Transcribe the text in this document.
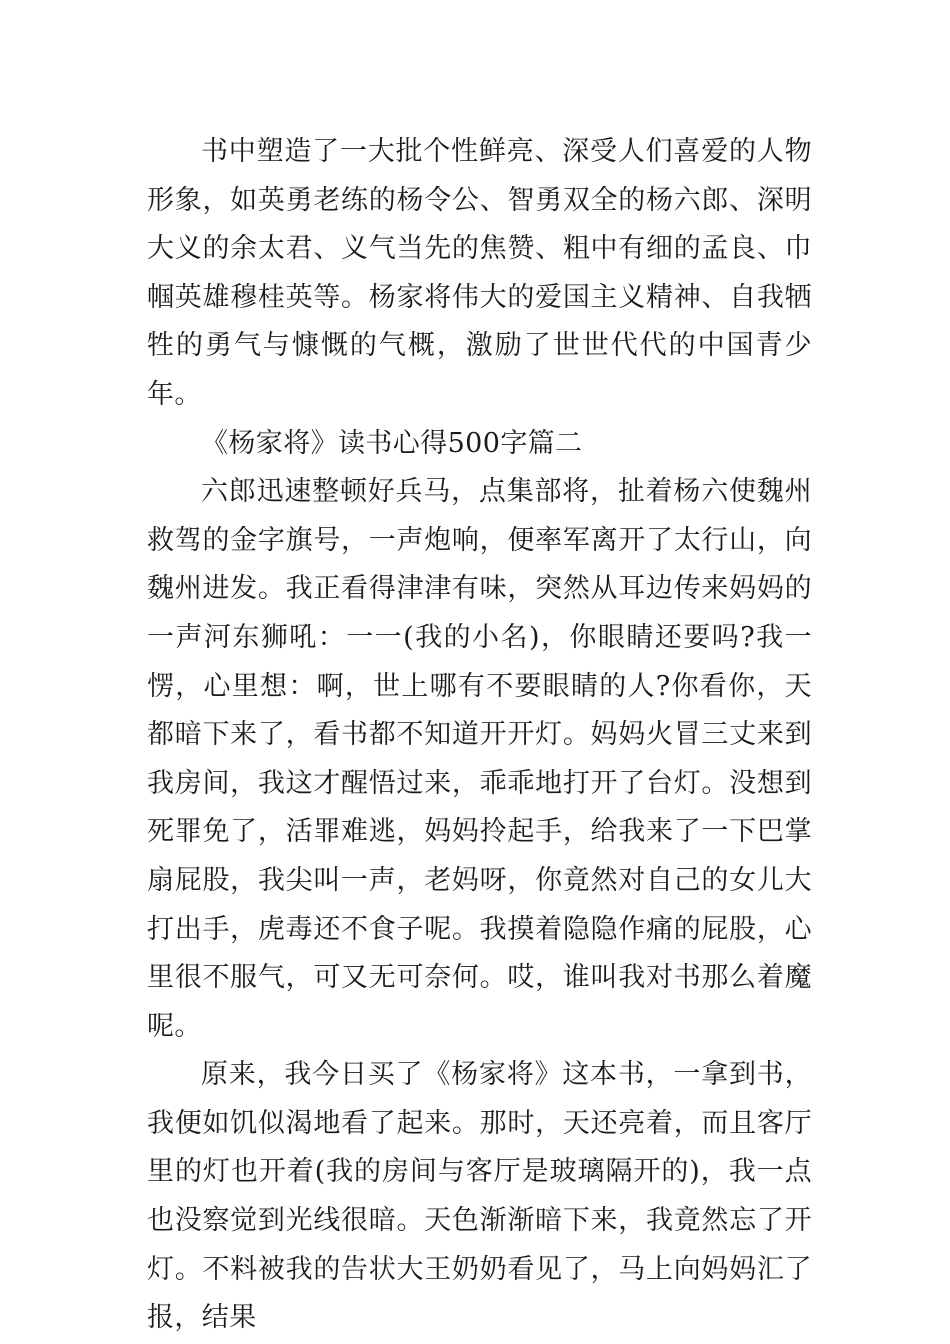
书中塑造了一大批个性鲜亮、深受人们喜爱的人物形象，如英勇老练的杨令公、智勇双全的杨六郎、深明大义的余太君、义气当先的焦赞、粗中有细的孟良、巾帼英雄穆桂英等。杨家将伟大的爱国主义精神、自我牺牲的勇气与慷慨的气概，激励了世世代代的中国青少年。

《杨家将》读书心得500字篇二

六郎迅速整顿好兵马，点集部将，扯着杨六使魏州救驾的金字旗号，一声炮响，便率军离开了太行山，向魏州进发。我正看得津津有味，突然从耳边传来妈妈的一声河东狮吼：一一(我的小名)，你眼睛还要吗?我一愣，心里想：啊，世上哪有不要眼睛的人?你看你，天都暗下来了，看书都不知道开开灯。妈妈火冒三丈来到我房间，我这才醒悟过来，乖乖地打开了台灯。没想到死罪免了，活罪难逃，妈妈拎起手，给我来了一下巴掌扇屁股，我尖叫一声，老妈呀，你竟然对自己的女儿大打出手，虎毒还不食子呢。我摸着隐隐作痛的屁股，心里很不服气，可又无可奈何。哎，谁叫我对书那么着魔呢。

原来，我今日买了《杨家将》这本书，一拿到书，我便如饥似渴地看了起来。那时，天还亮着，而且客厅里的灯也开着(我的房间与客厅是玻璃隔开的)，我一点也没察觉到光线很暗。天色渐渐暗下来，我竟然忘了开灯。不料被我的告状大王奶奶看见了，马上向妈妈汇了报，结果
